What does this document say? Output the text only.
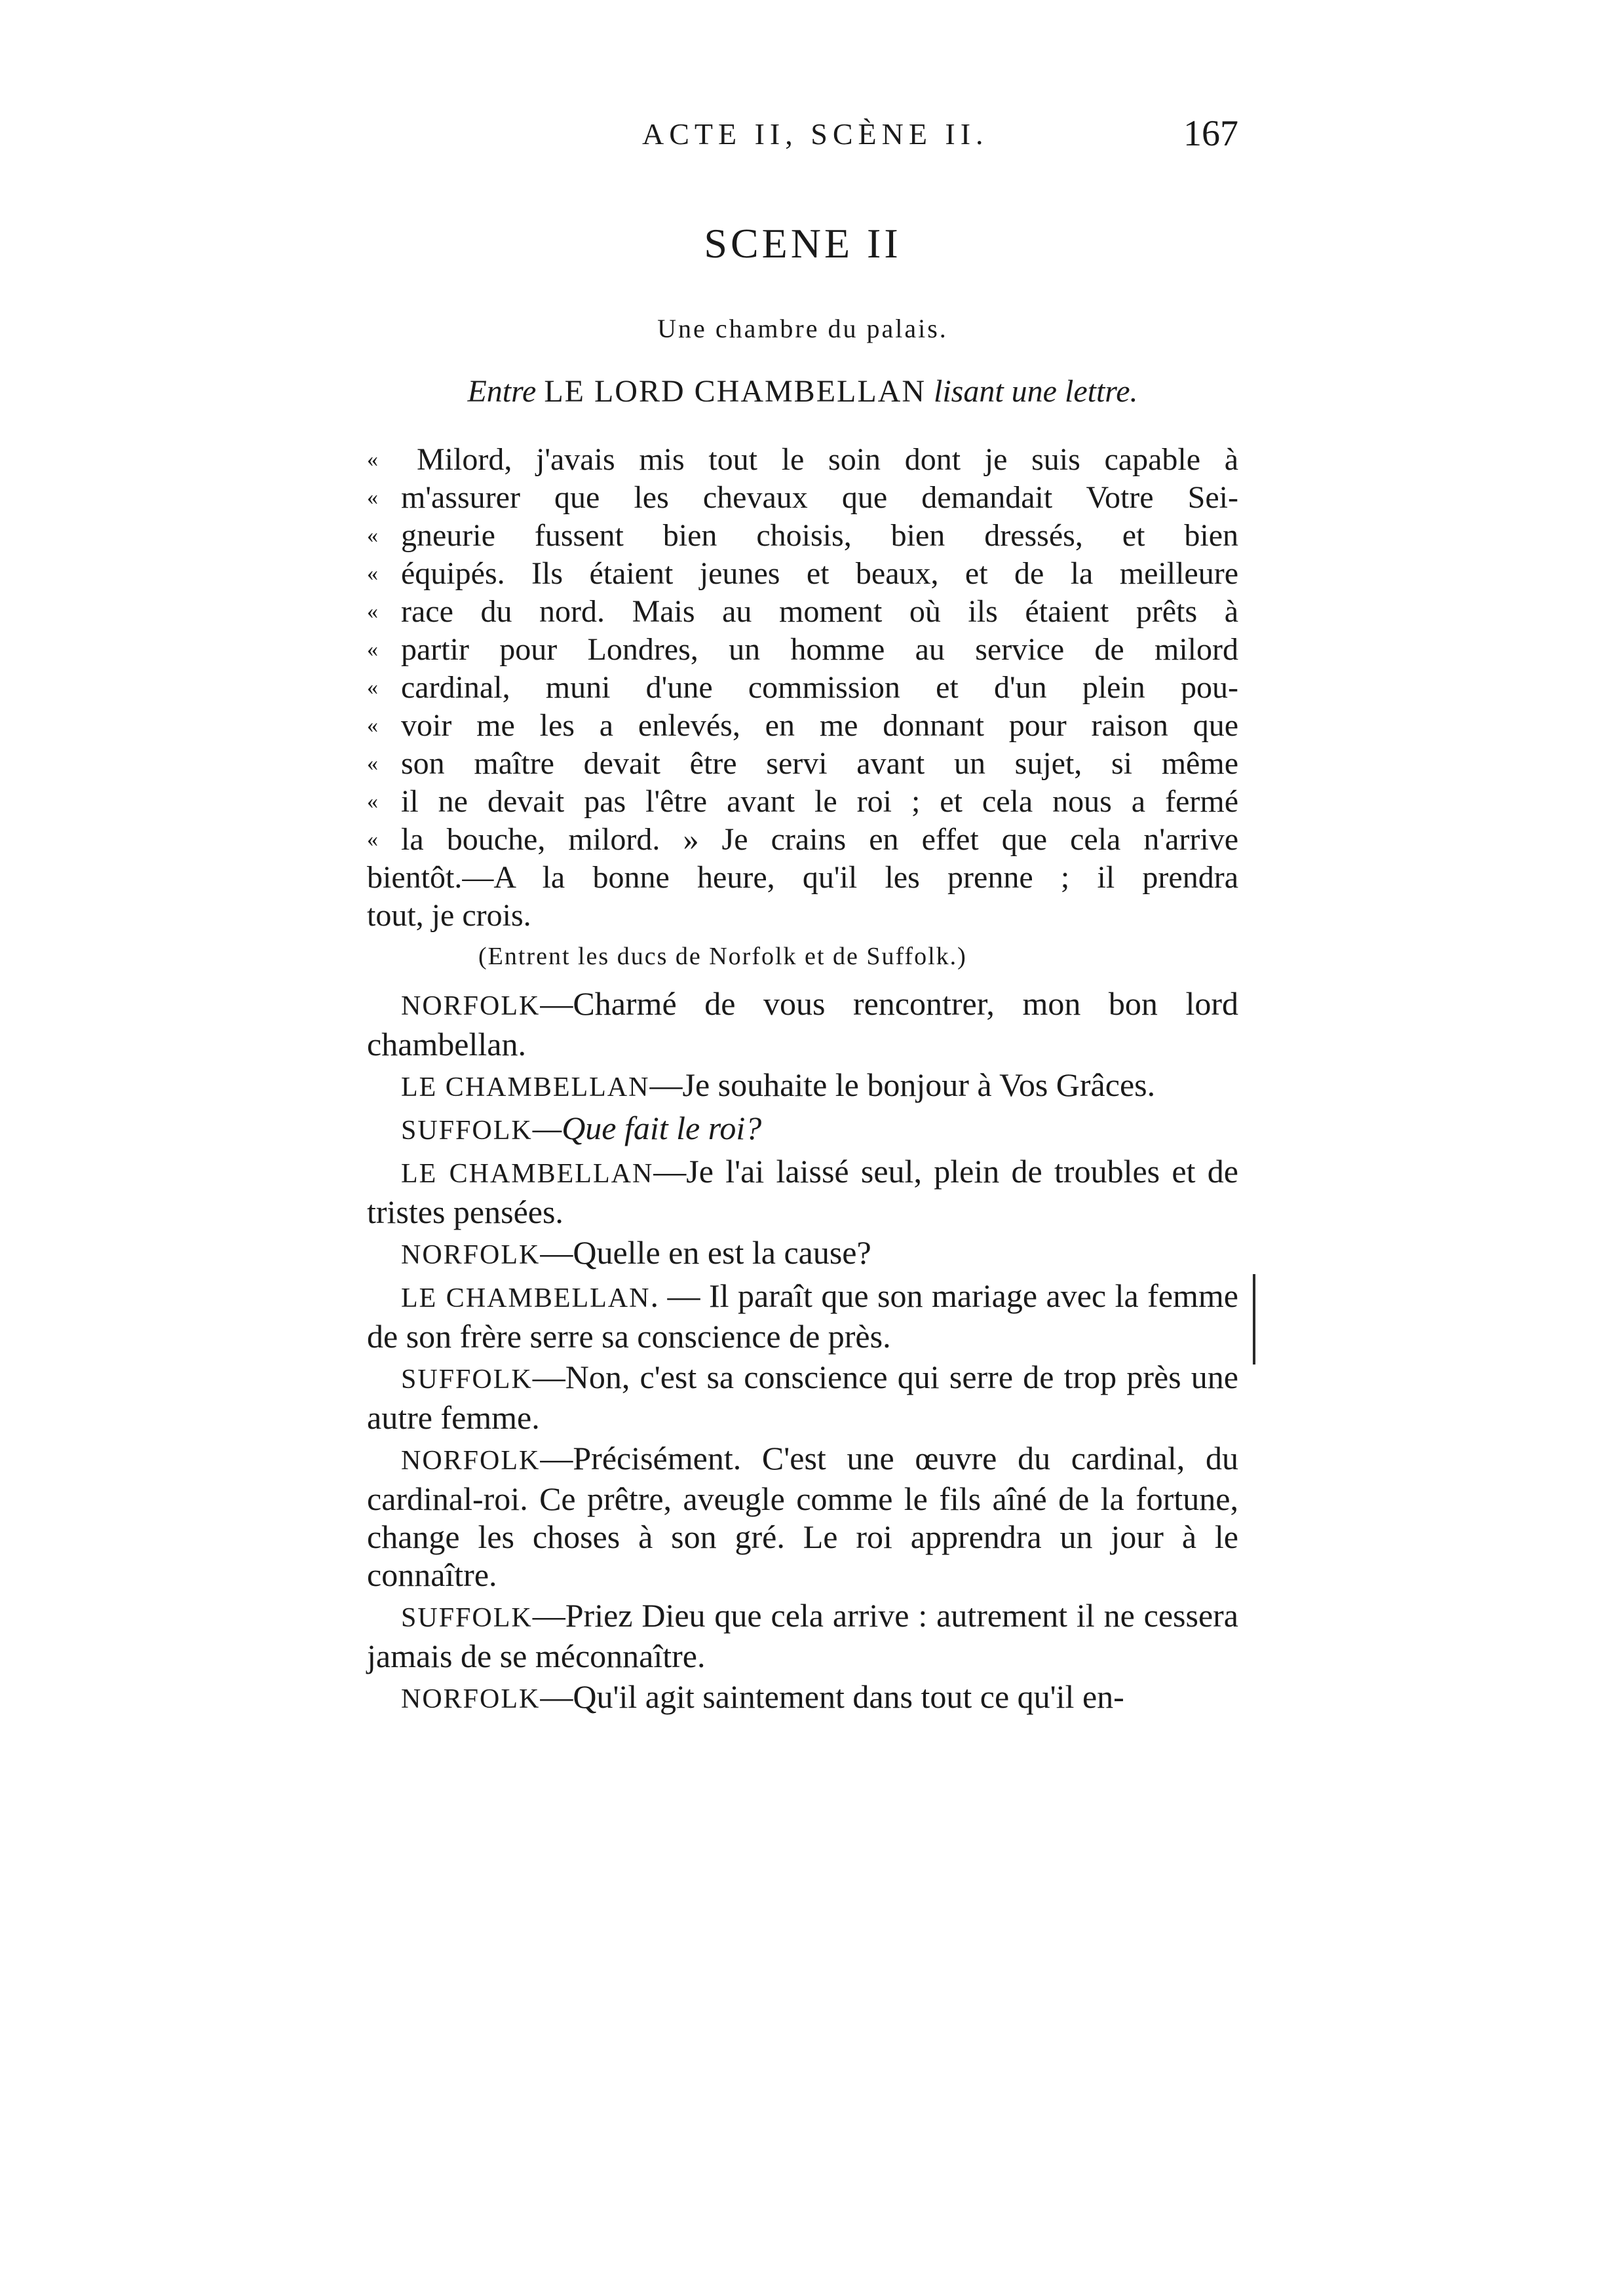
ACTE II, SCÈNE II.	167
SCENE II
Une chambre du palais.
Entre LE LORD CHAMBELLAN lisant une lettre.
« Milord, j'avais mis tout le soin dont je suis capable à
« m'assurer que les chevaux que demandait Votre Sei-
« gneurie fussent bien choisis, bien dressés, et bien
« équipés. Ils étaient jeunes et beaux, et de la meilleure
« race du nord. Mais au moment où ils étaient prêts à
« partir pour Londres, un homme au service de milord
« cardinal, muni d'une commission et d'un plein pou-
« voir me les a enlevés, en me donnant pour raison que
« son maître devait être servi avant un sujet, si même
« il ne devait pas l'être avant le roi ; et cela nous a fermé
« la bouche, milord. » Je crains en effet que cela n'arrive
bientôt.—A la bonne heure, qu'il les prenne ; il prendra
tout, je crois.
(Entrent les ducs de Norfolk et de Suffolk.)

NORFOLK—Charmé de vous rencontrer, mon bon lord chambellan.

LE CHAMBELLAN—Je souhaite le bonjour à Vos Grâces.

SUFFOLK—Que fait le roi?

LE CHAMBELLAN—Je l'ai laissé seul, plein de troubles et de tristes pensées.

NORFOLK—Quelle en est la cause?

LE CHAMBELLAN. — Il paraît que son mariage avec la femme de son frère serre sa conscience de près.

SUFFOLK—Non, c'est sa conscience qui serre de trop près une autre femme.

NORFOLK—Précisément. C'est une œuvre du cardinal, du cardinal-roi. Ce prêtre, aveugle comme le fils aîné de la fortune, change les choses à son gré. Le roi apprendra un jour à le connaître.

SUFFOLK—Priez Dieu que cela arrive : autrement il ne cessera jamais de se méconnaître.

NORFOLK—Qu'il agit saintement dans tout ce qu'il en-
